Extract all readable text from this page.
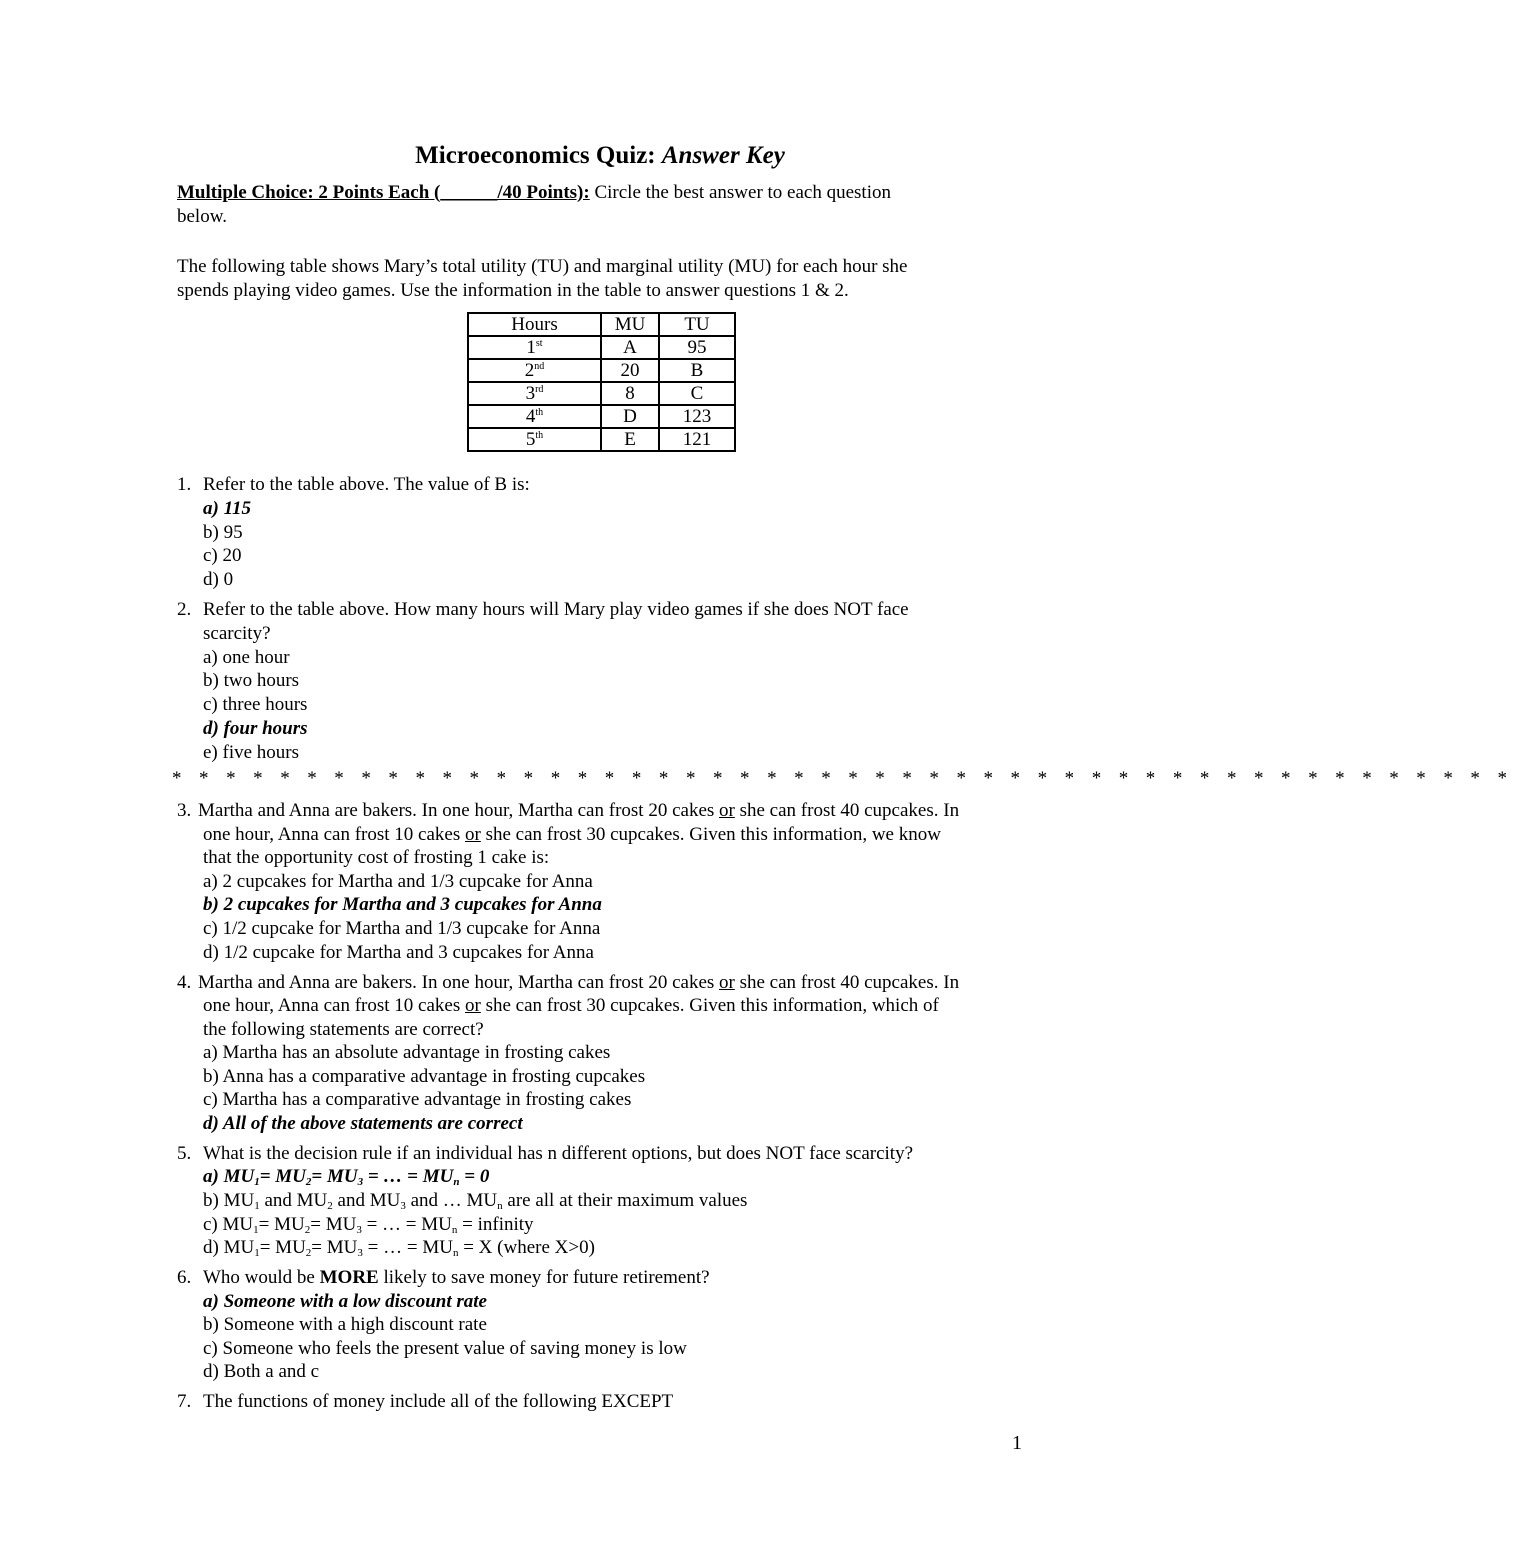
Microeconomics Quiz: Answer Key
Multiple Choice: 2 Points Each (______/40 Points): Circle the best answer to each question
below.
The following table shows Mary’s total utility (TU) and marginal utility (MU) for each hour she
spends playing video games. Use the information in the table to answer questions 1 & 2.
Hours	MU	TU
1st	A	95
2nd	20	B
3rd	8	C
4th	D	123
5th	E	121
1. Refer to the table above. The value of B is:
a) 115
b) 95
c) 20
d) 0
2. Refer to the table above. How many hours will Mary play video games if she does NOT face
scarcity?
a) one hour
b) two hours
c) three hours
d) four hours
e) five hours
* * * * * * * * * * * * * * * * * * * * * * * * * * * * * * * * * * * * * * * * * * * * * * * * * *
3. Martha and Anna are bakers. In one hour, Martha can frost 20 cakes or she can frost 40 cupcakes. In
one hour, Anna can frost 10 cakes or she can frost 30 cupcakes. Given this information, we know
that the opportunity cost of frosting 1 cake is:
a) 2 cupcakes for Martha and 1/3 cupcake for Anna
b) 2 cupcakes for Martha and 3 cupcakes for Anna
c) 1/2 cupcake for Martha and 1/3 cupcake for Anna
d) 1/2 cupcake for Martha and 3 cupcakes for Anna
4. Martha and Anna are bakers. In one hour, Martha can frost 20 cakes or she can frost 40 cupcakes. In
one hour, Anna can frost 10 cakes or she can frost 30 cupcakes. Given this information, which of
the following statements are correct?
a) Martha has an absolute advantage in frosting cakes
b) Anna has a comparative advantage in frosting cupcakes
c) Martha has a comparative advantage in frosting cakes
d) All of the above statements are correct
5. What is the decision rule if an individual has n different options, but does NOT face scarcity?
a) $MU_1= MU_2= MU_3$ = … = $MU_n = 0$
b) $MU_1$ and $MU_2$ and $MU_3$ and … $MU_n$ are all at their maximum values
c) $MU_1= MU_2= MU_3$ = … = $MU_n$ = infinity
d) $MU_1= MU_2= MU_3$ = … = $MU_n = X$ (where X>0)
6. Who would be MORE likely to save money for future retirement?
a) Someone with a low discount rate
b) Someone with a high discount rate
c) Someone who feels the present value of saving money is low
d) Both a and c
7. The functions of money include all of the following EXCEPT
1
